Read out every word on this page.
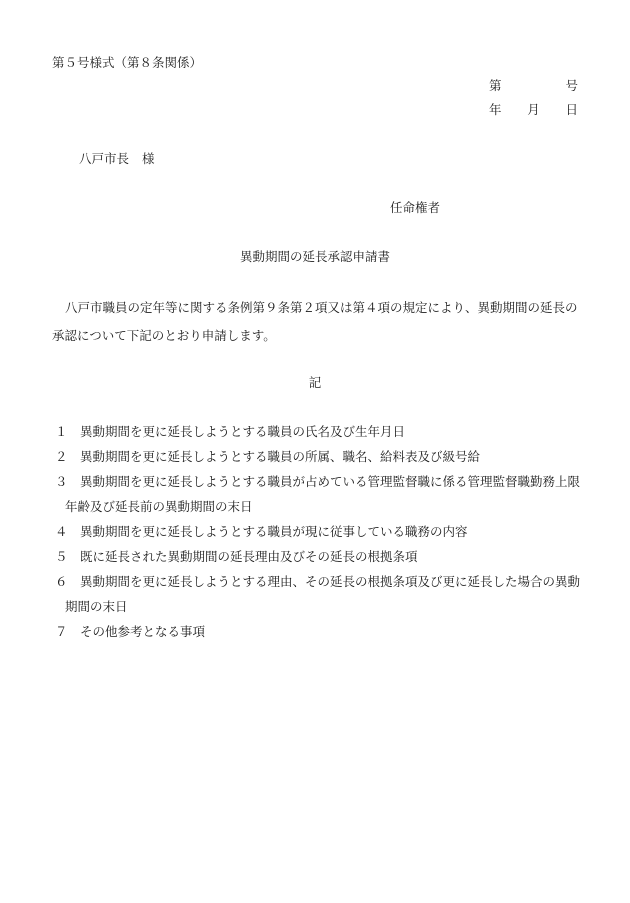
第５号様式（第８条関係）
第	号
年 月 日
八戸市長 様
任命権者
異動期間の延長承認申請書

八戸市職員の定年等に関する条例第９条第２項又は第４項の規定により、異動期間の延長の承認について下記のとおり申請します。

記
１ 異動期間を更に延長しようとする職員の氏名及び生年月日
２ 異動期間を更に延長しようとする職員の所属、職名、給料表及び級号給
３ 異動期間を更に延長しようとする職員が占めている管理監督職に係る管理監督職勤務上限
年齢及び延長前の異動期間の末日
４ 異動期間を更に延長しようとする職員が現に従事している職務の内容
５ 既に延長された異動期間の延長理由及びその延長の根拠条項
６ 異動期間を更に延長しようとする理由、その延長の根拠条項及び更に延長した場合の異動
期間の末日
７ その他参考となる事項
